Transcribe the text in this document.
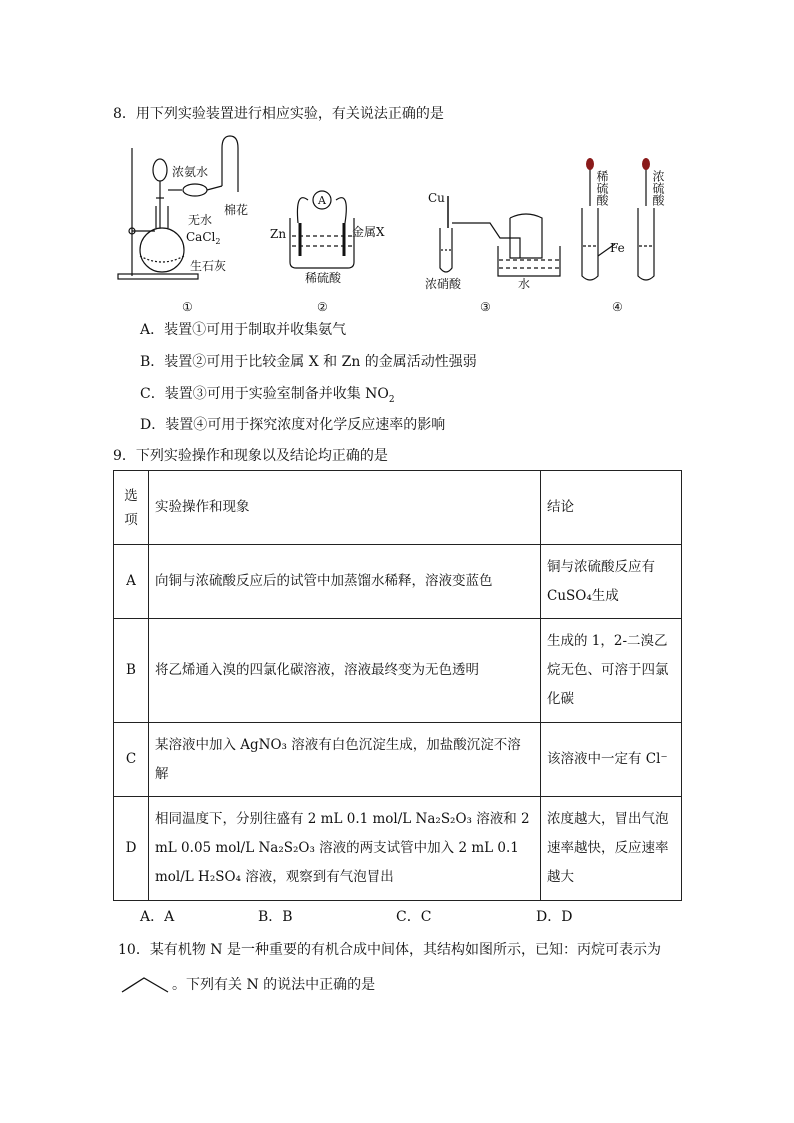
8．用下列实验装置进行相应实验，有关说法正确的是
浓氨水
棉花
无水
CaCl$_2$
生石灰
A
Zn	金属X
稀硫酸
Cu
浓硝酸	水
稀硫酸	浓硫酸
Fe
①	②	③	④
A．装置①可用于制取并收集氨气
B．装置②可用于比较金属 X 和 Zn 的金属活动性强弱
C．装置③可用于实验室制备并收集 $NO_2$
D．装置④可用于探究浓度对化学反应速率的影响
9．下列实验操作和现象以及结论均正确的是
选项	实验操作和现象	结论
A	向铜与浓硫酸反应后的试管中加蒸馏水稀释，溶液变蓝色	铜与浓硫酸反应有CuSO₄生成
B	将乙烯通入溴的四氯化碳溶液，溶液最终变为无色透明	生成的 1，2-二溴乙烷无色、可溶于四氯化碳
C	某溶液中加入 AgNO₃ 溶液有白色沉淀生成，加盐酸沉淀不溶解	该溶液中一定有 Cl⁻
D	相同温度下，分别往盛有 2 mL 0.1 mol/L Na₂S₂O₃ 溶液和 2 mL 0.05 mol/L Na₂S₂O₃ 溶液的两支试管中加入 2 mL 0.1 mol/L H₂SO₄ 溶液，观察到有气泡冒出	浓度越大，冒出气泡速率越快，反应速率越大
A．A	B．B	C．C	D．D
10．某有机物 N 是一种重要的有机合成中间体，其结构如图所示，已知：丙烷可表示为
。下列有关 N 的说法中正确的是
